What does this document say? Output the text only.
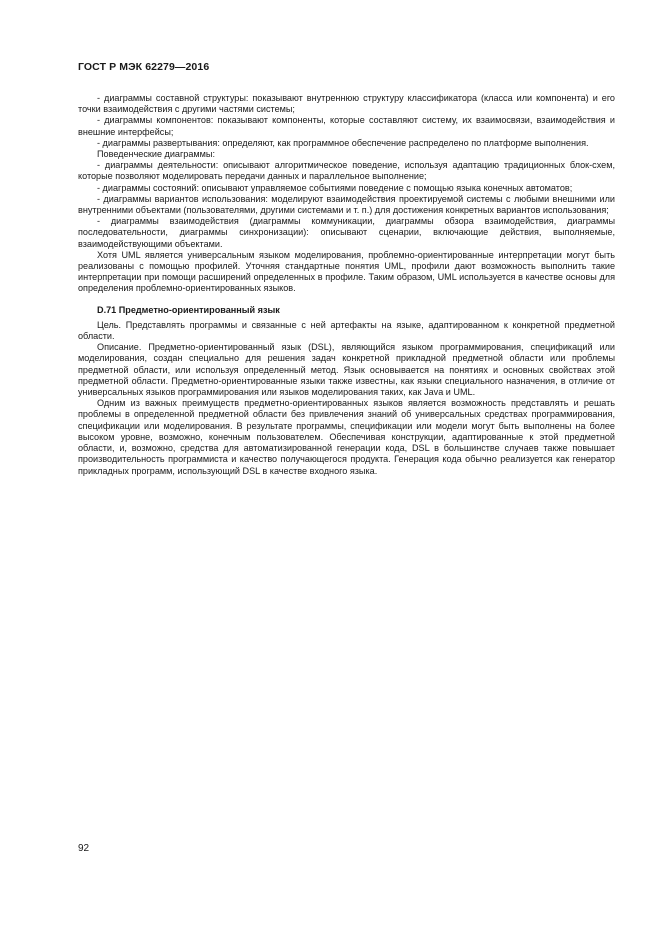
ГОСТ Р МЭК 62279—2016

- диаграммы составной структуры: показывают внутреннюю структуру классификатора (класса или компонента) и его точки взаимодействия с другими частями системы;

- диаграммы компонентов: показывают компоненты, которые составляют систему, их взаимосвязи, взаимодействия и внешние интерфейсы;

- диаграммы развертывания: определяют, как программное обеспечение распределено по платформе выполнения.

Поведенческие диаграммы:

- диаграммы деятельности: описывают алгоритмическое поведение, используя адаптацию традиционных блок-схем, которые позволяют моделировать передачи данных и параллельное выполнение;

- диаграммы состояний: описывают управляемое событиями поведение с помощью языка конечных автоматов;

- диаграммы вариантов использования: моделируют взаимодействия проектируемой системы с любыми внешними или внутренними объектами (пользователями, другими системами и т. п.) для достижения конкретных вариантов использования;

- диаграммы взаимодействия (диаграммы коммуникации, диаграммы обзора взаимодействия, диаграммы последовательности, диаграммы синхронизации): описывают сценарии, включающие действия, выполняемые, взаимодействующими объектами.

Хотя UML является универсальным языком моделирования, проблемно-ориентированные интерпретации могут быть реализованы с помощью профилей. Уточняя стандартные понятия UML, профили дают возможность выполнить такие интерпретации при помощи расширений определенных в профиле. Таким образом, UML используется в качестве основы для определения проблемно-ориентированных языков.

D.71 Предметно-ориентированный язык

Цель. Представлять программы и связанные с ней артефакты на языке, адаптированном к конкретной предметной области.

Описание. Предметно-ориентированный язык (DSL), являющийся языком программирования, спецификаций или моделирования, создан специально для решения задач конкретной прикладной предметной области или проблемы предметной области, или используя определенный метод. Язык основывается на понятиях и основных свойствах этой предметной области. Предметно-ориентированные языки также известны, как языки специального назначения, в отличие от универсальных языков программирования или языков моделирования таких, как Java и UML.

Одним из важных преимуществ предметно-ориентированных языков является возможность представлять и решать проблемы в определенной предметной области без привлечения знаний об универсальных средствах программирования, спецификации или моделирования. В результате программы, спецификации или модели могут быть выполнены на более высоком уровне, возможно, конечным пользователем. Обеспечивая конструкции, адаптированные к этой предметной области, и, возможно, средства для автоматизированной генерации кода, DSL в большинстве случаев также повышает производительность программиста и качество получающегося продукта. Генерация кода обычно реализуется как генератор прикладных программ, использующий DSL в качестве входного языка.

92
